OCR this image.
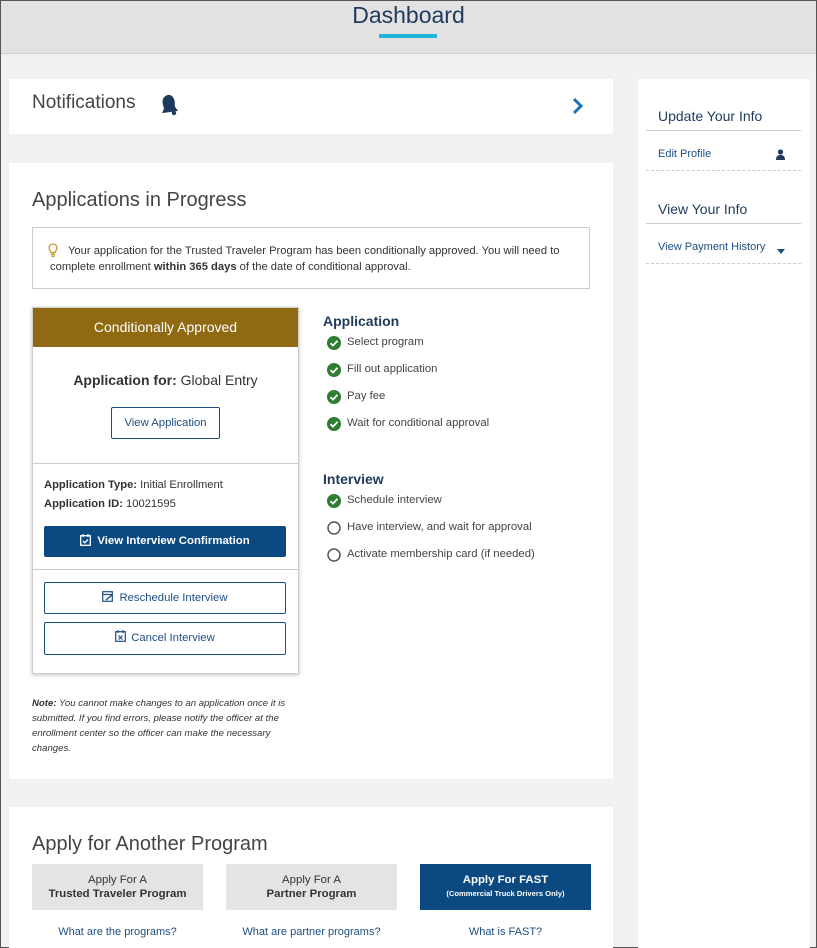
Dashboard
Notifications
Applications in Progress
Your application for the Trusted Traveler Program has been conditionally approved. You will need to complete enrollment within 365 days of the date of conditional approval.
Conditionally Approved
Application for: Global Entry
View Application
Application Type: Initial Enrollment
Application ID: 10021595
View Interview Confirmation
Reschedule Interview
Cancel Interview
Note: You cannot make changes to an application once it is submitted. If you find errors, please notify the officer at the enrollment center so the officer can make the necessary changes.
Application
Select program
Fill out application
Pay fee
Wait for conditional approval
Interview
Schedule interview
Have interview, and wait for approval
Activate membership card (if needed)
Apply for Another Program
Apply For A
Trusted Traveler Program
Apply For A
Partner Program
Apply For FAST
(Commercial Truck Drivers Only)
What are the programs?	What are partner programs?	What is FAST?
Update Your Info
Edit Profile
View Your Info
View Payment History
